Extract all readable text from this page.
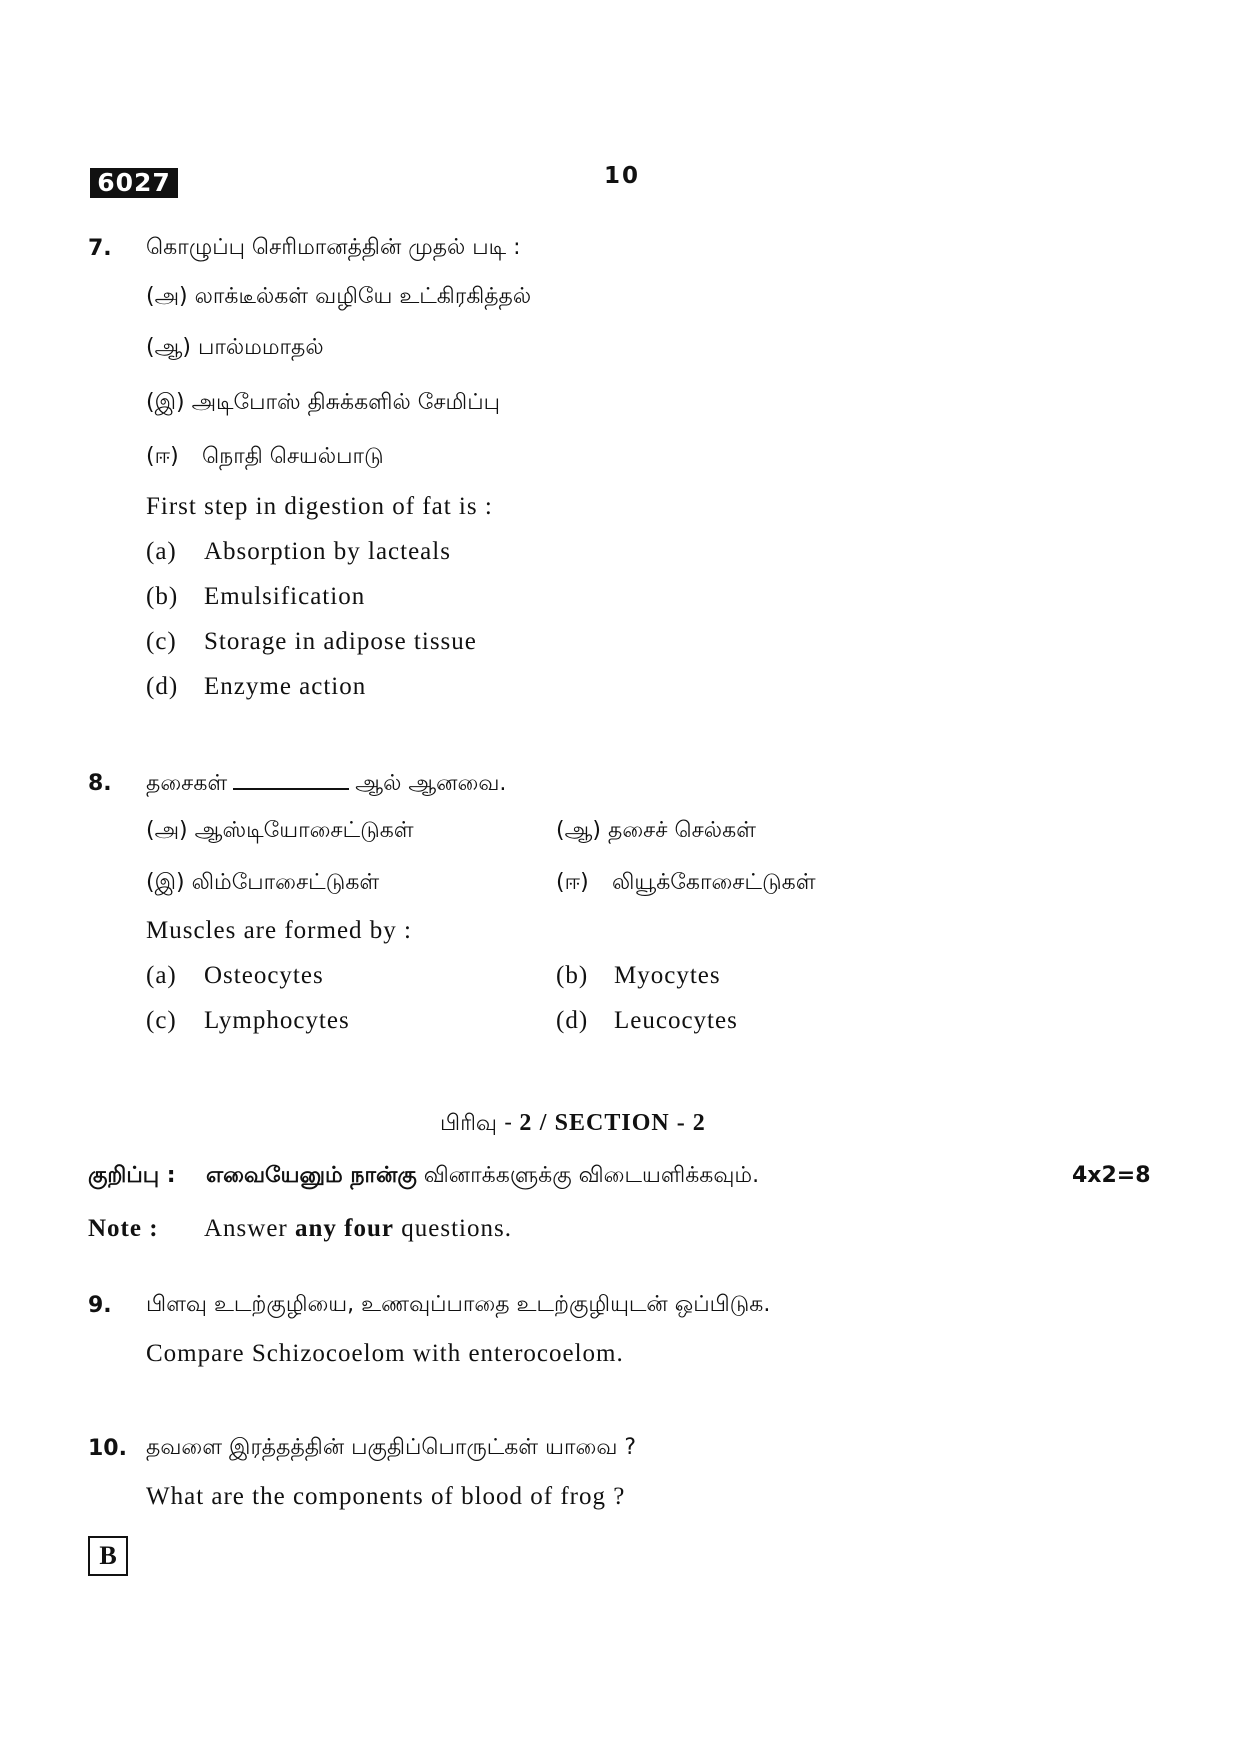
6027	10
7. கொழுப்பு செரிமானத்தின் முதல் படி :
(அ) லாக்டீல்கள் வழியே உட்கிரகித்தல்
(ஆ) பால்மமாதல்
(இ) அடிபோஸ் திசுக்களில் சேமிப்பு
(ஈ) நொதி செயல்பாடு
First step in digestion of fat is :
(a) Absorption by lacteals
(b) Emulsification
(c) Storage in adipose tissue
(d) Enzyme action
8. தசைகள்	ஆல் ஆனவை.
(அ) ஆஸ்டியோசைட்டுகள்	(ஆ) தசைச் செல்கள்
(இ) லிம்போசைட்டுகள்	(ஈ) லியூக்கோசைட்டுகள்
Muscles are formed by :
(a) Osteocytes	(b) Myocytes
(c) Lymphocytes	(d) Leucocytes
பிரிவு - 2 / SECTION - 2
குறிப்பு : எவையேனும் நான்கு வினாக்களுக்கு விடையளிக்கவும்.	4x2=8
Note : Answer any four questions.
9. பிளவு உடற்குழியை, உணவுப்பாதை உடற்குழியுடன் ஒப்பிடுக.
Compare Schizocoelom with enterocoelom.
10. தவளை இரத்தத்தின் பகுதிப்பொருட்கள் யாவை ?
What are the components of blood of frog ?
B
